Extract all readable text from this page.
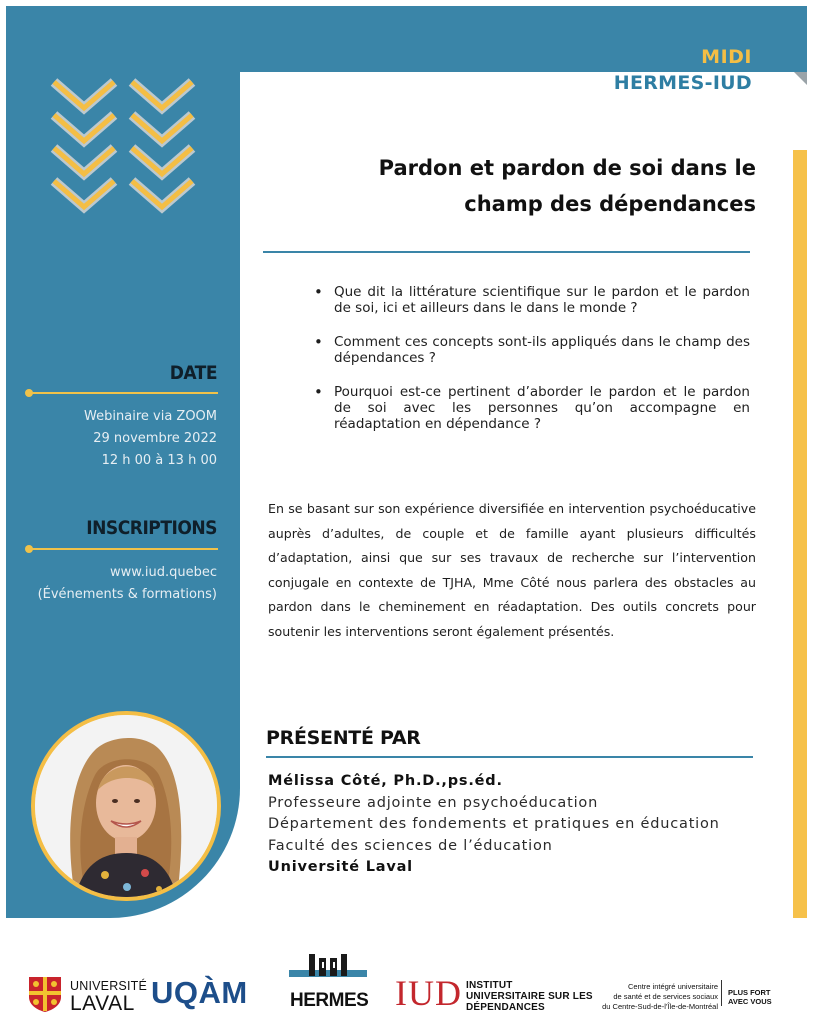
MIDI
HERMES-IUD
Pardon et pardon de soi dans le
champ des dépendances
• Que dit la littérature scientifique sur le pardon et le pardon de soi, ici et ailleurs dans le dans le monde ?
• Comment ces concepts sont-ils appliqués dans le champ des dépendances ?
• Pourquoi est-ce pertinent d’aborder le pardon et le pardon de soi avec les personnes qu’on accompagne en réadaptation en dépendance ?

En se basant sur son expérience diversifiée en intervention psychoéducative auprès d’adultes, de couple et de famille ayant plusieurs difficultés d’adaptation, ainsi que sur ses travaux de recherche sur l’intervention conjugale en contexte de TJHA, Mme Côté nous parlera des obstacles au pardon dans le cheminement en réadaptation. Des outils concrets pour soutenir les interventions seront également présentés.

DATE
Webinaire via ZOOM
29 novembre 2022
12 h 00 à 13 h 00
INSCRIPTIONS
www.iud.quebec
(Événements & formations)
PRÉSENTÉ PAR
Mélissa Côté, Ph.D.,ps.éd.
Professeure adjointe en psychoéducation
Département des fondements et pratiques en éducation
Faculté des sciences de l’éducation
Université Laval
UNIVERSITÉ
LAVAL UQÀM HERMES IUD INSTITUT
UNIVERSITAIRE SUR LES
DÉPENDANCES
Centre intégré universitaire
de santé et de services sociaux
du Centre-Sud-de-l’Île-de-Montréal
PLUS FORT
AVEC VOUS
